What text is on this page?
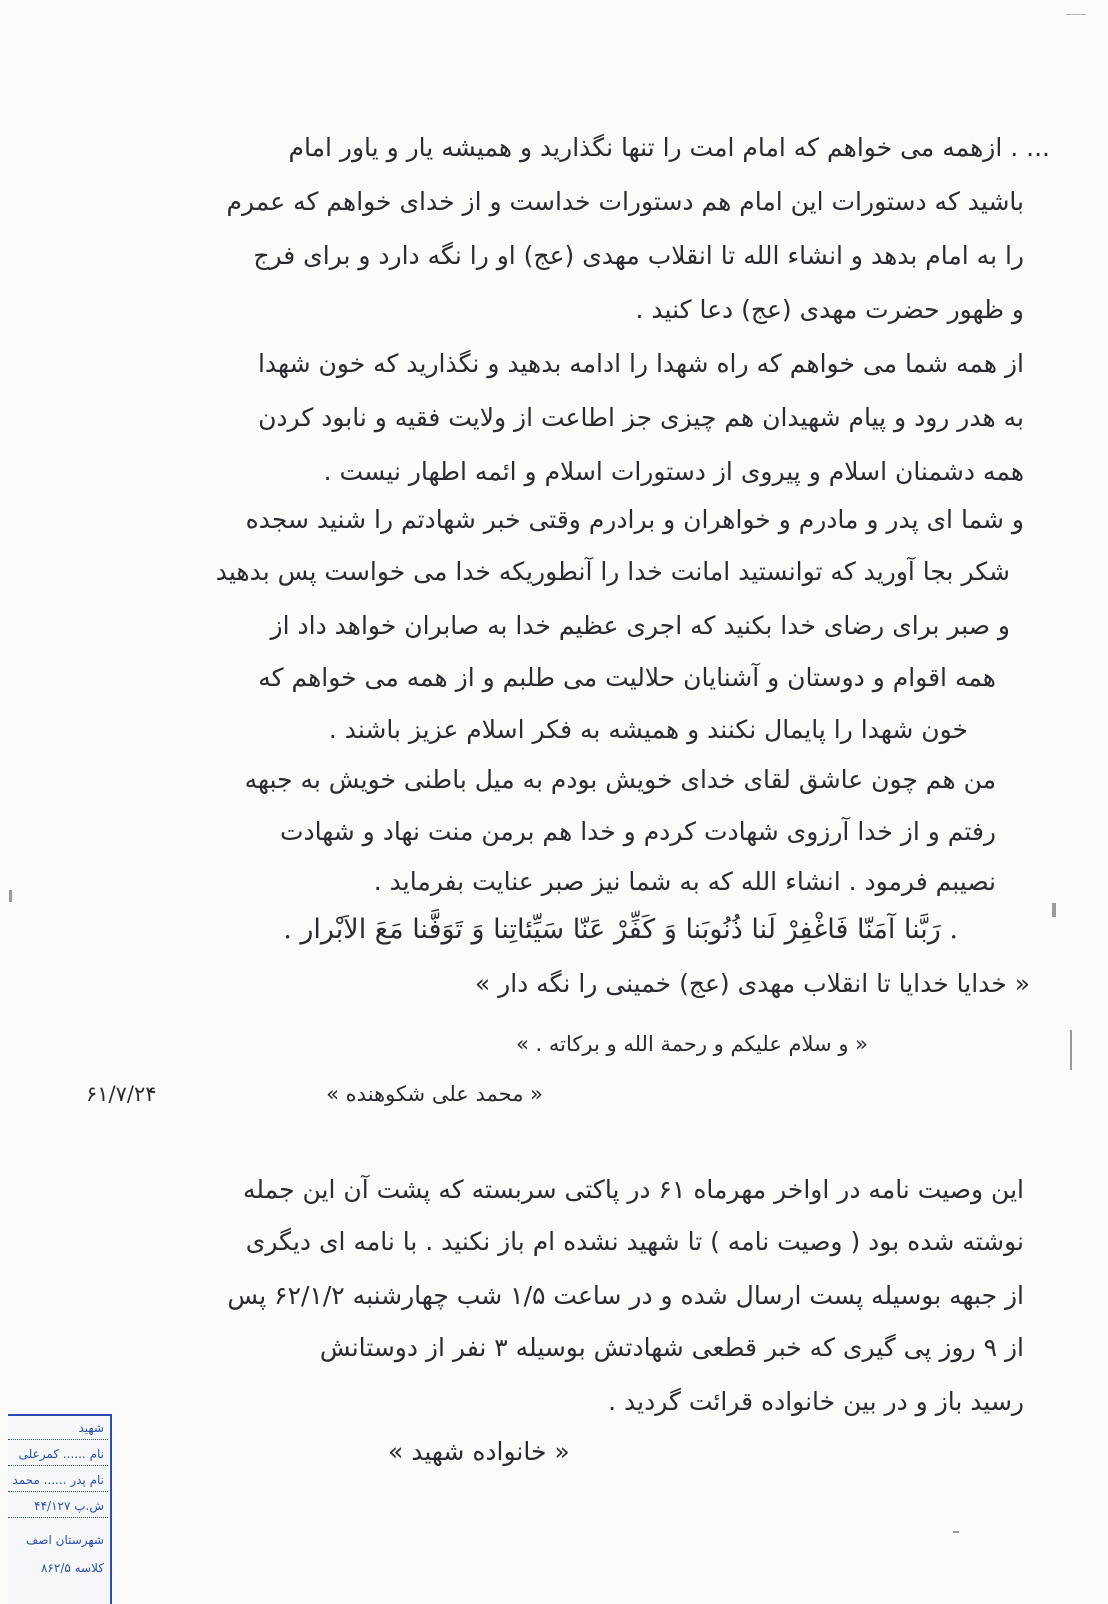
... . ازهمه می خواهم که امام امت را تنها نگذارید و همیشه یار و یاور امام
باشید که دستورات این امام هم دستورات خداست و از خدای خواهم که عمرم
را به امام بدهد و انشاء الله تا انقلاب مهدی (عج) او را نگه دارد و برای فرج
و ظهور حضرت مهدی (عج) دعا کنید .
از همه شما می خواهم که راه شهدا را ادامه بدهید و نگذارید که خون شهدا
به هدر رود و پیام شهیدان هم چیزی جز اطاعت از ولایت فقیه و نابود کردن
همه دشمنان اسلام و پیروی از دستورات اسلام و ائمه اطهار نیست .
و شما ای پدر و مادرم و خواهران و برادرم وقتی خبر شهادتم را شنید سجده
شکر بجا آورید که توانستید امانت خدا را آنطوریکه خدا می خواست پس بدهید
و صبر برای رضای خدا بکنید که اجری عظیم خدا به صابران خواهد داد از
همه اقوام و دوستان و آشنایان حلالیت می طلبم و از همه می خواهم که
خون شهدا را پایمال نکنند و همیشه به فکر اسلام عزیز باشند .
من هم چون عاشق لقای خدای خویش بودم به میل باطنی خویش به جبهه
رفتم و از خدا آرزوی شهادت کردم و خدا هم برمن منت نهاد و شهادت
نصیبم فرمود . انشاء الله که به شما نیز صبر عنایت بفرماید .
. رَبَّنا آمَنّا فَاغْفِرْ لَنا ذُنُوبَنا وَ كَفِّرْ عَنّا سَيِّئاتِنا وَ تَوَفَّنا مَعَ الاَبْرار .
« خدایا خدایا تا انقلاب مهدی (عج) خمینی را نگه دار »
« و سلام علیکم و رحمة الله و برکاته . »
« محمد علی شکوهنده »
۶۱/۷/۲۴
این وصیت نامه در اواخر مهرماه ۶۱ در پاکتی سربسته که پشت آن این جمله
نوشته شده بود ( وصیت نامه ) تا شهید نشده ام باز نکنید . با نامه ای دیگری
از جبهه بوسیله پست ارسال شده و در ساعت ۱/۵ شب چهارشنبه ۶۲/۱/۲ پس
از ۹ روز پی گیری که خبر قطعی شهادتش بوسیله ۳ نفر از دوستانش
رسید باز و در بین خانواده قرائت گردید .
« خانواده شهید »
شهید
نام ...... کمرعلی
نام پدر ...... محمد
ش.پ ۴۴/۱۲۷
شهرستان اصف
کلاسه ۸۶۲/۵
